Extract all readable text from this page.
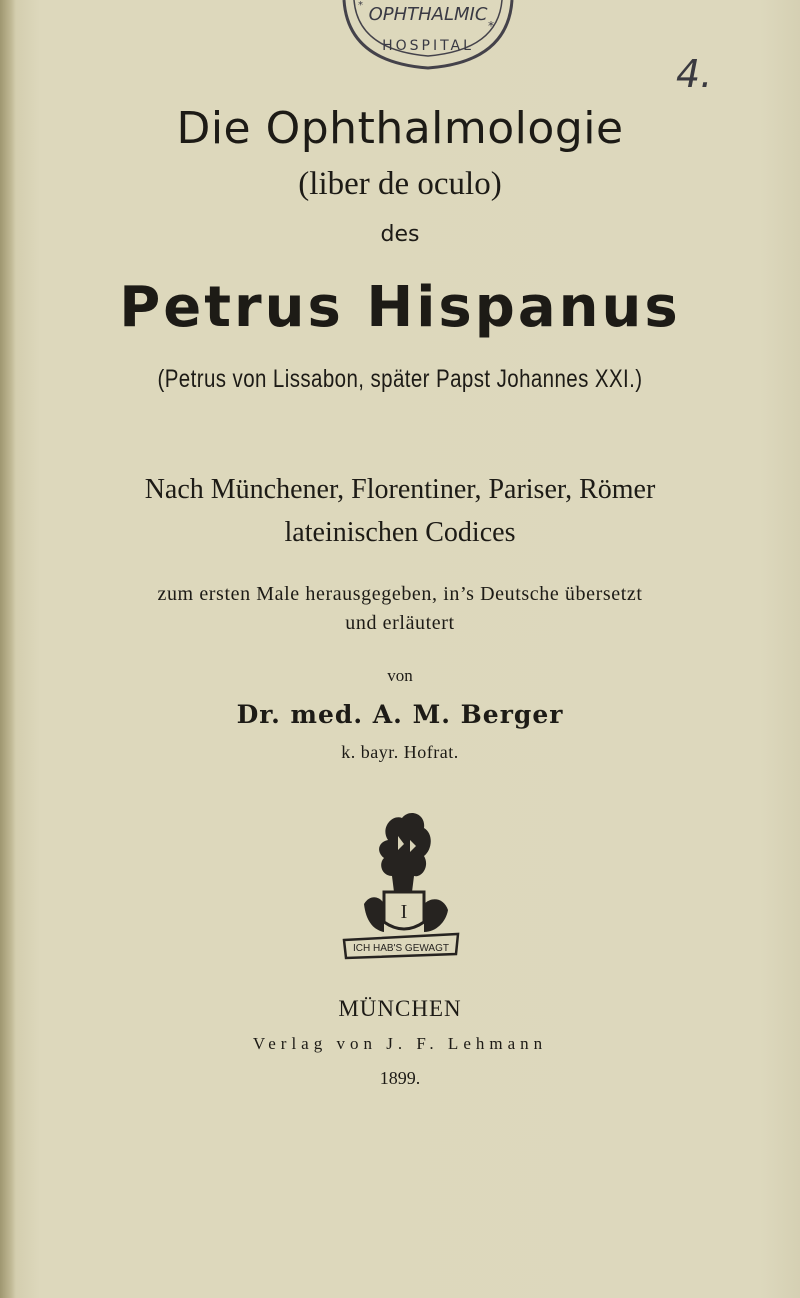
OPHTHALMIC
HOSPITAL
*
*
4.
Die Ophthalmologie
(liber de oculo)
des
Petrus Hispanus
(Petrus von Lissabon, später Papst Johannes XXI.)
Nach Münchener, Florentiner, Pariser, Römer
lateinischen Codices
zum ersten Male herausgegeben, in’s Deutsche übersetzt
und erläutert
von
Dr. med. A. M. Berger
k. bayr. Hofrat.
I
ICH HAB'S GEWAGT
MÜNCHEN
Verlag von J. F. Lehmann
1899.
